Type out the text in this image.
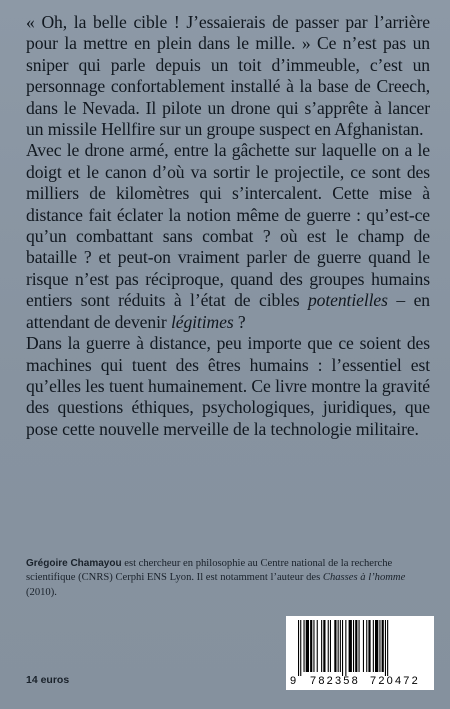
« Oh, la belle cible ! J’essaierais de passer par l’arrière pour la mettre en plein dans le mille. » Ce n’est pas un sniper qui parle depuis un toit d’immeuble, c’est un personnage confortablement installé à la base de Creech, dans le Nevada. Il pilote un drone qui s’apprête à lancer un missile Hellfire sur un groupe suspect en Afghanistan.

Avec le drone armé, entre la gâchette sur laquelle on a le doigt et le canon d’où va sortir le projectile, ce sont des milliers de kilomètres qui s’intercalent. Cette mise à distance fait éclater la notion même de guerre : qu’est-ce qu’un combattant sans combat ? où est le champ de bataille ? et peut-on vraiment parler de guerre quand le risque n’est pas réciproque, quand des groupes humains entiers sont réduits à l’état de cibles potentielles – en attendant de devenir légitimes ?

Dans la guerre à distance, peu importe que ce soient des machines qui tuent des êtres humains : l’essentiel est qu’elles les tuent humainement. Ce livre montre la gravité des questions éthiques, psychologiques, juridiques, que pose cette nouvelle merveille de la technologie militaire.

Grégoire Chamayou est chercheur en philosophie au Centre national de la recherche scientifique (CNRS) Cerphi ENS Lyon. Il est notamment l’auteur des Chasses à l’homme (2010).
14 euros	9 782358 720472
